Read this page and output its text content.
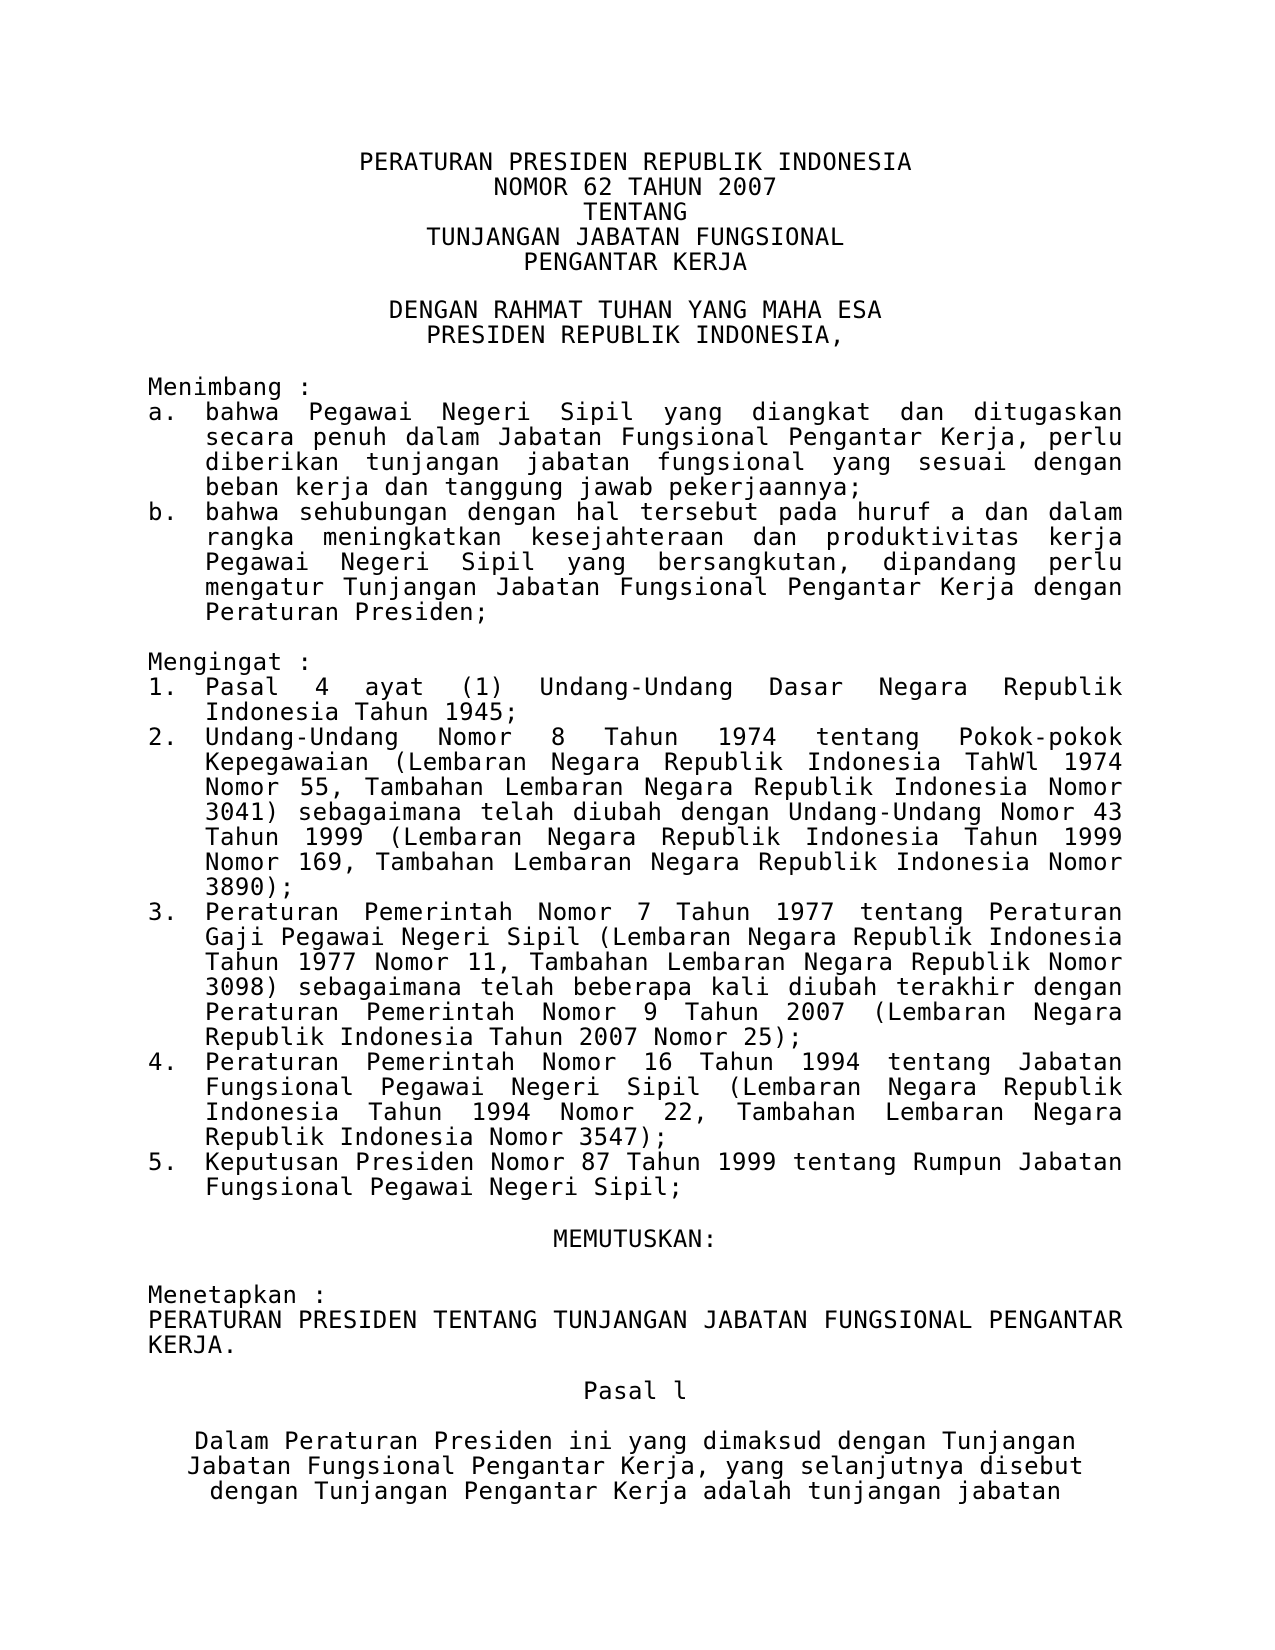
PERATURAN PRESIDEN REPUBLIK INDONESIA
NOMOR 62 TAHUN 2007
TENTANG
TUNJANGAN JABATAN FUNGSIONAL
PENGANTAR KERJA
DENGAN RAHMAT TUHAN YANG MAHA ESA
PRESIDEN REPUBLIK INDONESIA,
Menimbang :
a. bahwa Pegawai Negeri Sipil yang diangkat dan ditugaskan secara penuh dalam Jabatan Fungsional Pengantar Kerja, perlu diberikan tunjangan jabatan fungsional yang sesuai dengan beban kerja dan tanggung jawab pekerjaannya;
b. bahwa sehubungan dengan hal tersebut pada huruf a dan dalam rangka meningkatkan kesejahteraan dan produktivitas kerja Pegawai Negeri Sipil yang bersangkutan, dipandang perlu mengatur Tunjangan Jabatan Fungsional Pengantar Kerja dengan Peraturan Presiden;
Mengingat :
1. Pasal 4 ayat (1) Undang-Undang Dasar Negara Republik Indonesia Tahun 1945;
2. Undang-Undang Nomor 8 Tahun 1974 tentang Pokok-pokok Kepegawaian (Lembaran Negara Republik Indonesia TahWl 1974 Nomor 55, Tambahan Lembaran Negara Republik Indonesia Nomor 3041) sebagaimana telah diubah dengan Undang-Undang Nomor 43 Tahun 1999 (Lembaran Negara Republik Indonesia Tahun 1999 Nomor 169, Tambahan Lembaran Negara Republik Indonesia Nomor 3890);
3. Peraturan Pemerintah Nomor 7 Tahun 1977 tentang Peraturan Gaji Pegawai Negeri Sipil (Lembaran Negara Republik Indonesia Tahun 1977 Nomor 11, Tambahan Lembaran Negara Republik Nomor 3098) sebagaimana telah beberapa kali diubah terakhir dengan Peraturan Pemerintah Nomor 9 Tahun 2007 (Lembaran Negara Republik Indonesia Tahun 2007 Nomor 25);
4. Peraturan Pemerintah Nomor 16 Tahun 1994 tentang Jabatan Fungsional Pegawai Negeri Sipil (Lembaran Negara Republik Indonesia Tahun 1994 Nomor 22, Tambahan Lembaran Negara Republik Indonesia Nomor 3547);
5. Keputusan Presiden Nomor 87 Tahun 1999 tentang Rumpun Jabatan Fungsional Pegawai Negeri Sipil;
MEMUTUSKAN:
Menetapkan :
PERATURAN PRESIDEN TENTANG TUNJANGAN JABATAN FUNGSIONAL PENGANTAR KERJA.
Pasal l
Dalam Peraturan Presiden ini yang dimaksud dengan Tunjangan
Jabatan Fungsional Pengantar Kerja, yang selanjutnya disebut
dengan Tunjangan Pengantar Kerja adalah tunjangan jabatan
